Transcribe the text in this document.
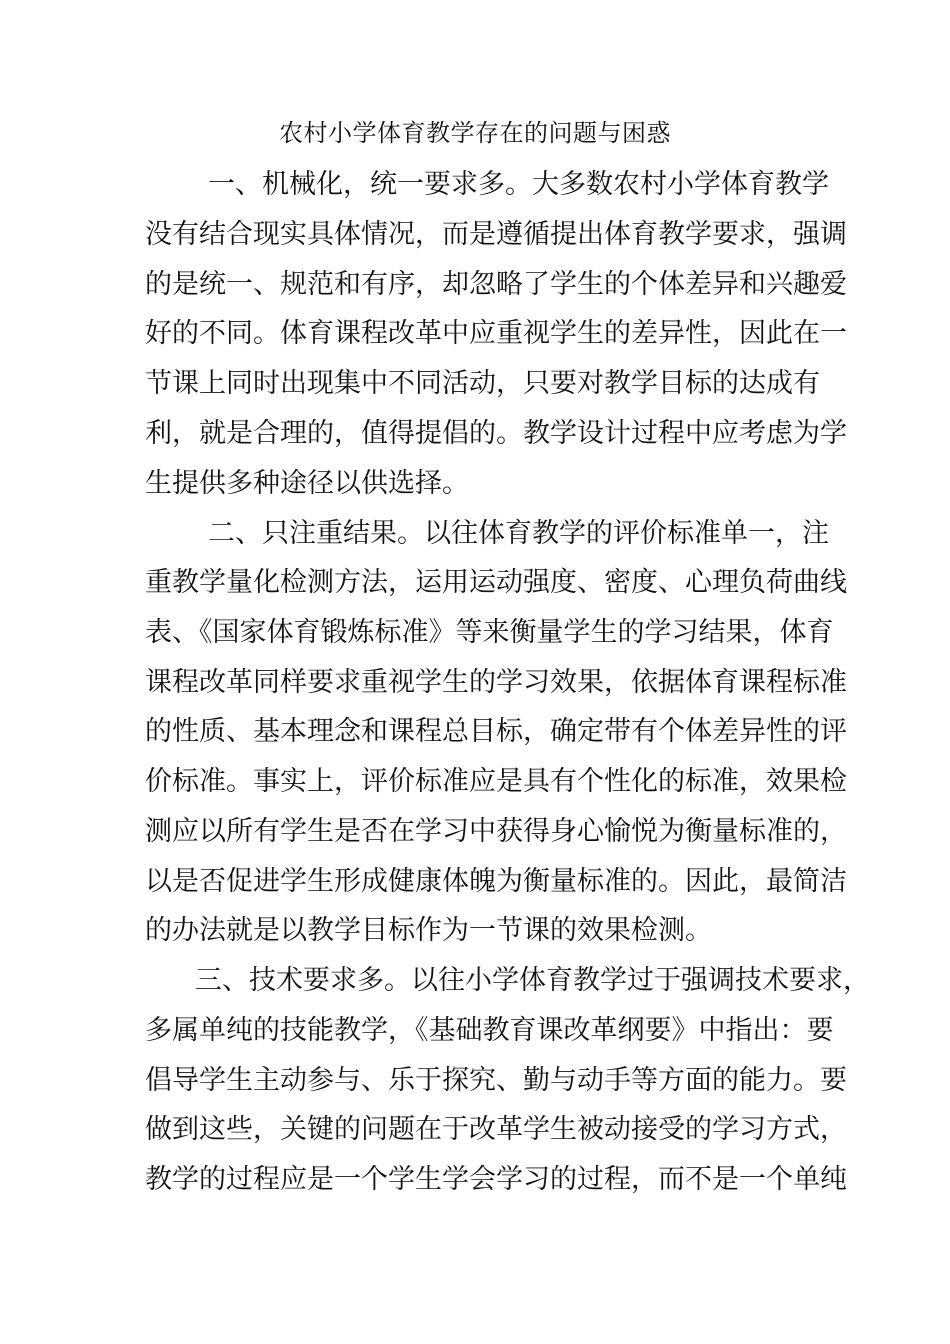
农村小学体育教学存在的问题与困惑

一、机械化，统一要求多。大多数农村小学体育教学

没有结合现实具体情况，而是遵循提出体育教学要求，强调

的是统一、规范和有序，却忽略了学生的个体差异和兴趣爱

好的不同。体育课程改革中应重视学生的差异性，因此在一

节课上同时出现集中不同活动，只要对教学目标的达成有

利，就是合理的，值得提倡的。教学设计过程中应考虑为学

生提供多种途径以供选择。

二、只注重结果。以往体育教学的评价标准单一，注

重教学量化检测方法，运用运动强度、密度、心理负荷曲线

表、《国家体育锻炼标准》等来衡量学生的学习结果，体育

课程改革同样要求重视学生的学习效果，依据体育课程标准

的性质、基本理念和课程总目标，确定带有个体差异性的评

价标准。事实上，评价标准应是具有个性化的标准，效果检

测应以所有学生是否在学习中获得身心愉悦为衡量标准的，

以是否促进学生形成健康体魄为衡量标准的。因此，最简洁

的办法就是以教学目标作为一节课的效果检测。

三、技术要求多。以往小学体育教学过于强调技术要求，

多属单纯的技能教学，《基础教育课改革纲要》中指出：要

倡导学生主动参与、乐于探究、勤与动手等方面的能力。要

做到这些，关键的问题在于改革学生被动接受的学习方式，

教学的过程应是一个学生学会学习的过程，而不是一个单纯
